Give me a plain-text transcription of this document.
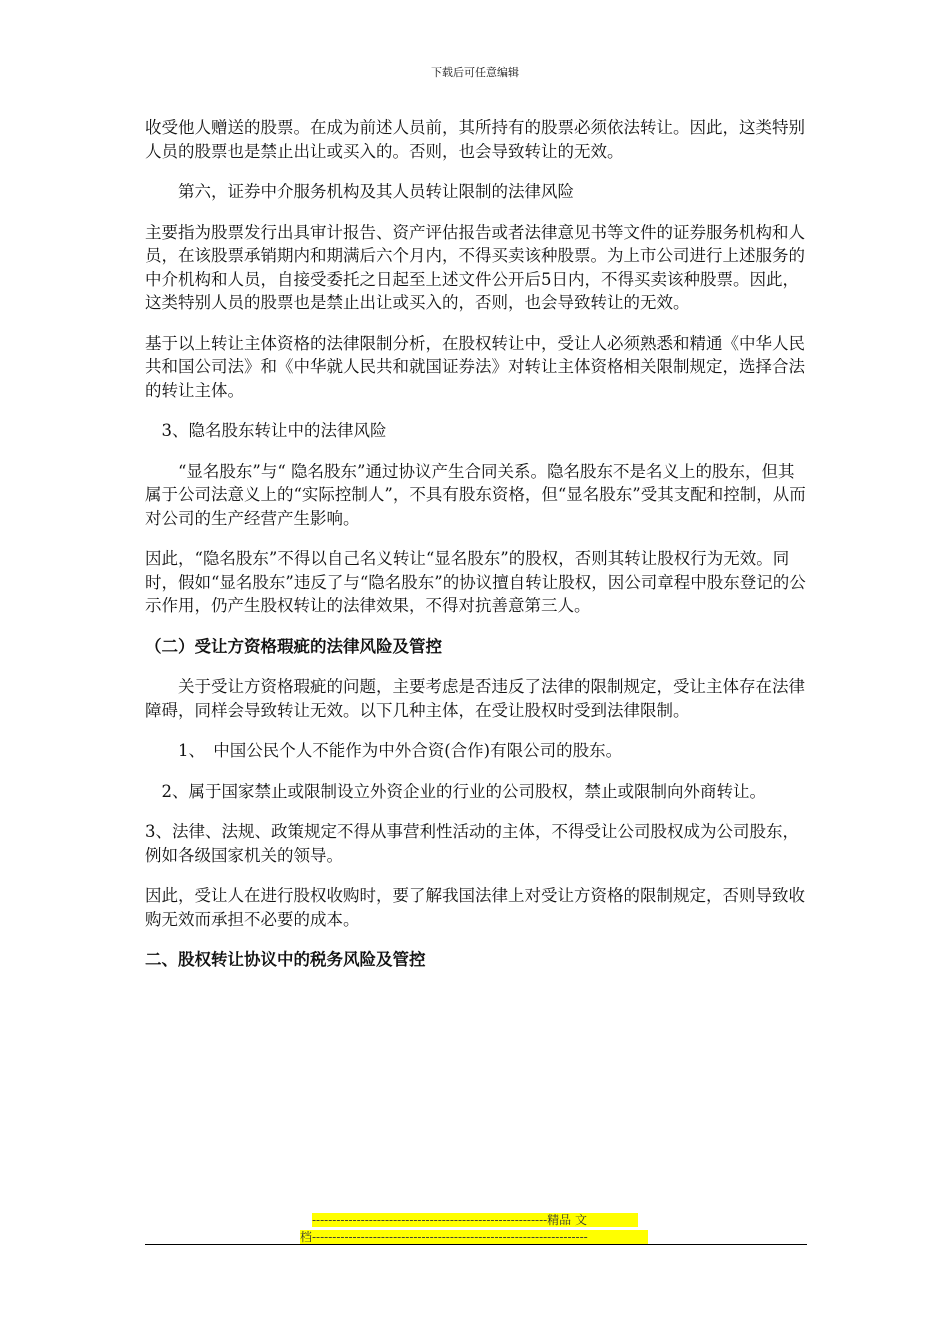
下载后可任意编辑

收受他人赠送的股票。在成为前述人员前，其所持有的股票必须依法转让。因此，这类特别人员的股票也是禁止出让或买入的。否则，也会导致转让的无效。

　　第六，证券中介服务机构及其人员转让限制的法律风险

主要指为股票发行出具审计报告、资产评估报告或者法律意见书等文件的证券服务机构和人员，在该股票承销期内和期满后六个月内，不得买卖该种股票。为上市公司进行上述服务的中介机构和人员，自接受委托之日起至上述文件公开后5日内，不得买卖该种股票。因此，这类特别人员的股票也是禁止出让或买入的，否则，也会导致转让的无效。

基于以上转让主体资格的法律限制分析，在股权转让中，受让人必须熟悉和精通《中华人民共和国公司法》和《中华就人民共和就国证券法》对转让主体资格相关限制规定，选择合法的转让主体。

　3、隐名股东转让中的法律风险

　　“显名股东”与“ 隐名股东”通过协议产生合同关系。隐名股东不是名义上的股东，但其属于公司法意义上的“实际控制人”，不具有股东资格，但“显名股东”受其支配和控制，从而对公司的生产经营产生影响。

因此，“隐名股东”不得以自己名义转让“显名股东”的股权，否则其转让股权行为无效。同时，假如“显名股东”违反了与“隐名股东”的协议擅自转让股权，因公司章程中股东登记的公示作用，仍产生股权转让的法律效果，不得对抗善意第三人。

（二）受让方资格瑕疵的法律风险及管控

　　关于受让方资格瑕疵的问题，主要考虑是否违反了法律的限制规定，受让主体存在法律障碍，同样会导致转让无效。以下几种主体，在受让股权时受到法律限制。

　　1、　中国公民个人不能作为中外合资(合作)有限公司的股东。

　2、属于国家禁止或限制设立外资企业的行业的公司股权，禁止或限制向外商转让。

3、法律、法规、政策规定不得从事营利性活动的主体，不得受让公司股权成为公司股东，例如各级国家机关的领导。

因此，受让人在进行股权收购时，要了解我国法律上对受让方资格的限制规定，否则导致收购无效而承担不必要的成本。

二、股权转让协议中的税务风险及管控

----------------------------------------------------------精品 文
档--------------------------------------------------------------------
